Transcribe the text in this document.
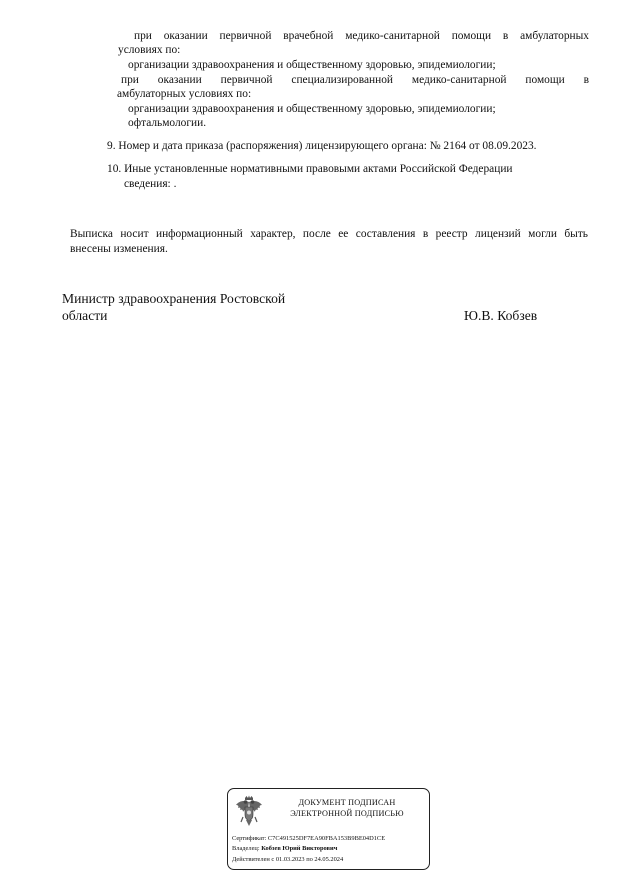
при оказании первичной врачебной медико-санитарной помощи в амбулаторных
условиях по:
организации здравоохранения и общественному здоровью, эпидемиологии;
при оказании первичной специализированной медико-санитарной помощи в
амбулаторных условиях по:
организации здравоохранения и общественному здоровью, эпидемиологии;
офтальмологии.
9. Номер и дата приказа (распоряжения) лицензирующего органа: № 2164 от 08.09.2023.
10. Иные установленные нормативными правовыми актами Российской Федерации
сведения: .
Выписка носит информационный характер, после ее составления в реестр лицензий могли быть
внесены изменения.
Министр здравоохранения Ростовской
области	Ю.В. Кобзев
ДОКУМЕНТ ПОДПИСАН
ЭЛЕКТРОННОЙ ПОДПИСЬЮ
Сертификат: C7C491525DF7EA90FBA153B9BE04D1CE
Владелец: Кобзев Юрий Викторович
Действителен с 01.03.2023 по 24.05.2024
